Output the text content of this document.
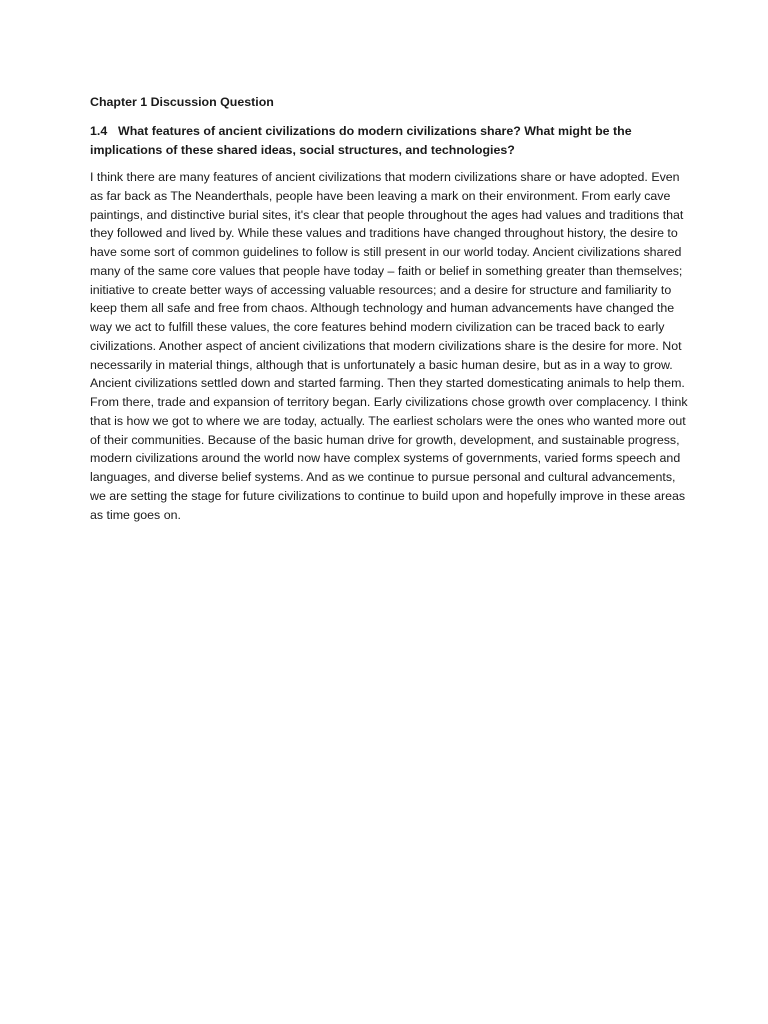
Chapter 1 Discussion Question
1.4 What features of ancient civilizations do modern civilizations share? What might be the implications of these shared ideas, social structures, and technologies?

I think there are many features of ancient civilizations that modern civilizations share or have adopted. Even as far back as The Neanderthals, people have been leaving a mark on their environment. From early cave paintings, and distinctive burial sites, it's clear that people throughout the ages had values and traditions that they followed and lived by. While these values and traditions have changed throughout history, the desire to have some sort of common guidelines to follow is still present in our world today. Ancient civilizations shared many of the same core values that people have today – faith or belief in something greater than themselves; initiative to create better ways of accessing valuable resources; and a desire for structure and familiarity to keep them all safe and free from chaos. Although technology and human advancements have changed the way we act to fulfill these values, the core features behind modern civilization can be traced back to early civilizations. Another aspect of ancient civilizations that modern civilizations share is the desire for more. Not necessarily in material things, although that is unfortunately a basic human desire, but as in a way to grow. Ancient civilizations settled down and started farming. Then they started domesticating animals to help them. From there, trade and expansion of territory began. Early civilizations chose growth over complacency. I think that is how we got to where we are today, actually. The earliest scholars were the ones who wanted more out of their communities. Because of the basic human drive for growth, development, and sustainable progress, modern civilizations around the world now have complex systems of governments, varied forms speech and languages, and diverse belief systems. And as we continue to pursue personal and cultural advancements, we are setting the stage for future civilizations to continue to build upon and hopefully improve in these areas as time goes on.
